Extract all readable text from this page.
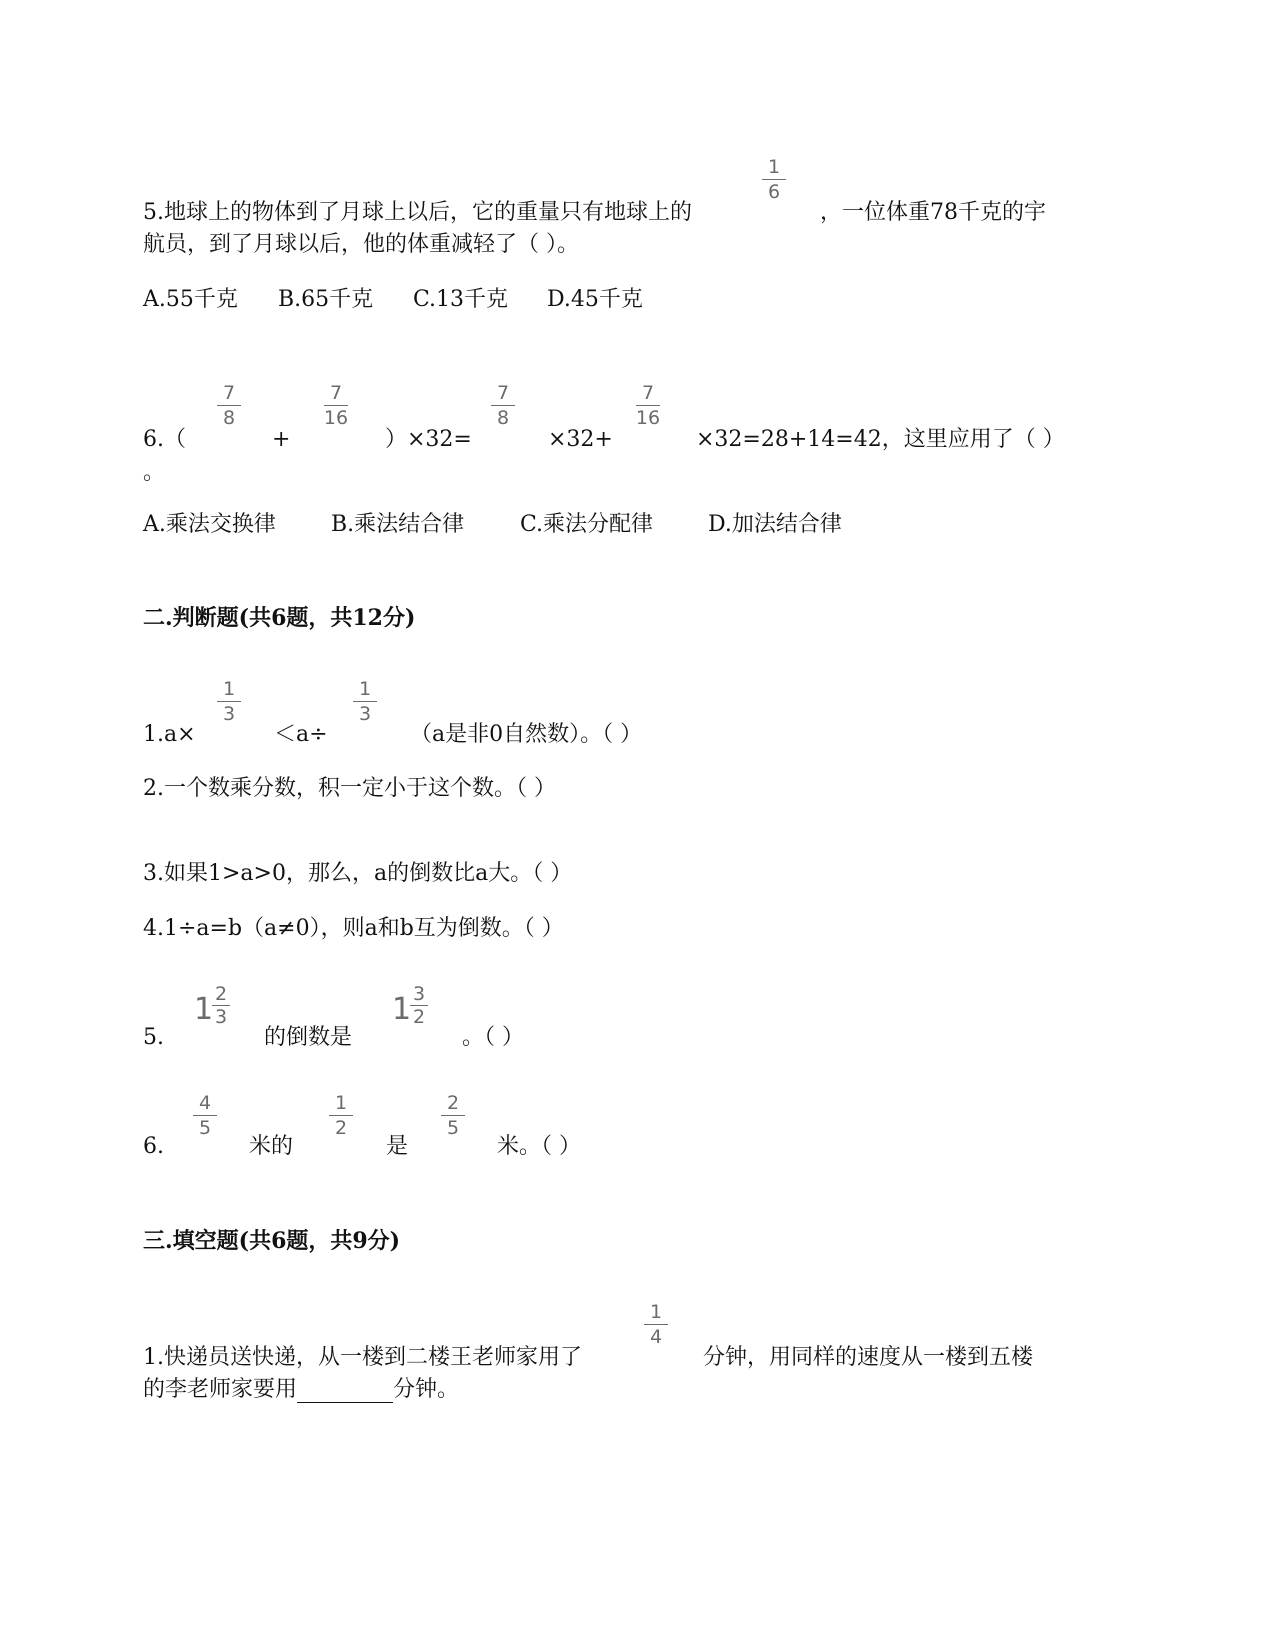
5.地球上的物体到了月球上以后，它的重量只有地球上的
1
6
，一位体重78千克的宇
航员，到了月球以后，他的体重减轻了（ ）。
A.55千克 B.65千克 C.13千克 D.45千克
6.（
7
8
+
7
16
）×32=
7
8
×32+
7
16
×32=28+14=42，这里应用了（ ）
。
A.乘法交换律	B.乘法结合律	C.乘法分配律 D.加法结合律
二.判断题(共6题，共12分)
1.a×
1
3
＜a÷
1
3
（a是非0自然数）。（ ）
2.一个数乘分数，积一定小于这个数。（ ）
3.如果1>a>0，那么，a的倒数比a大。（ ）
4.1÷a=b（a≠0），则a和b互为倒数。（ ）
5.
1 2
3
的倒数是
1 3
2
。（ ）
6.
4
5
米的
1
2
是
2
5
米。（ ）
三.填空题(共6题，共9分)
1.快递员送快递，从一楼到二楼王老师家用了
1
4
分钟，用同样的速度从一楼到五楼
的李老师家要用	分钟。
